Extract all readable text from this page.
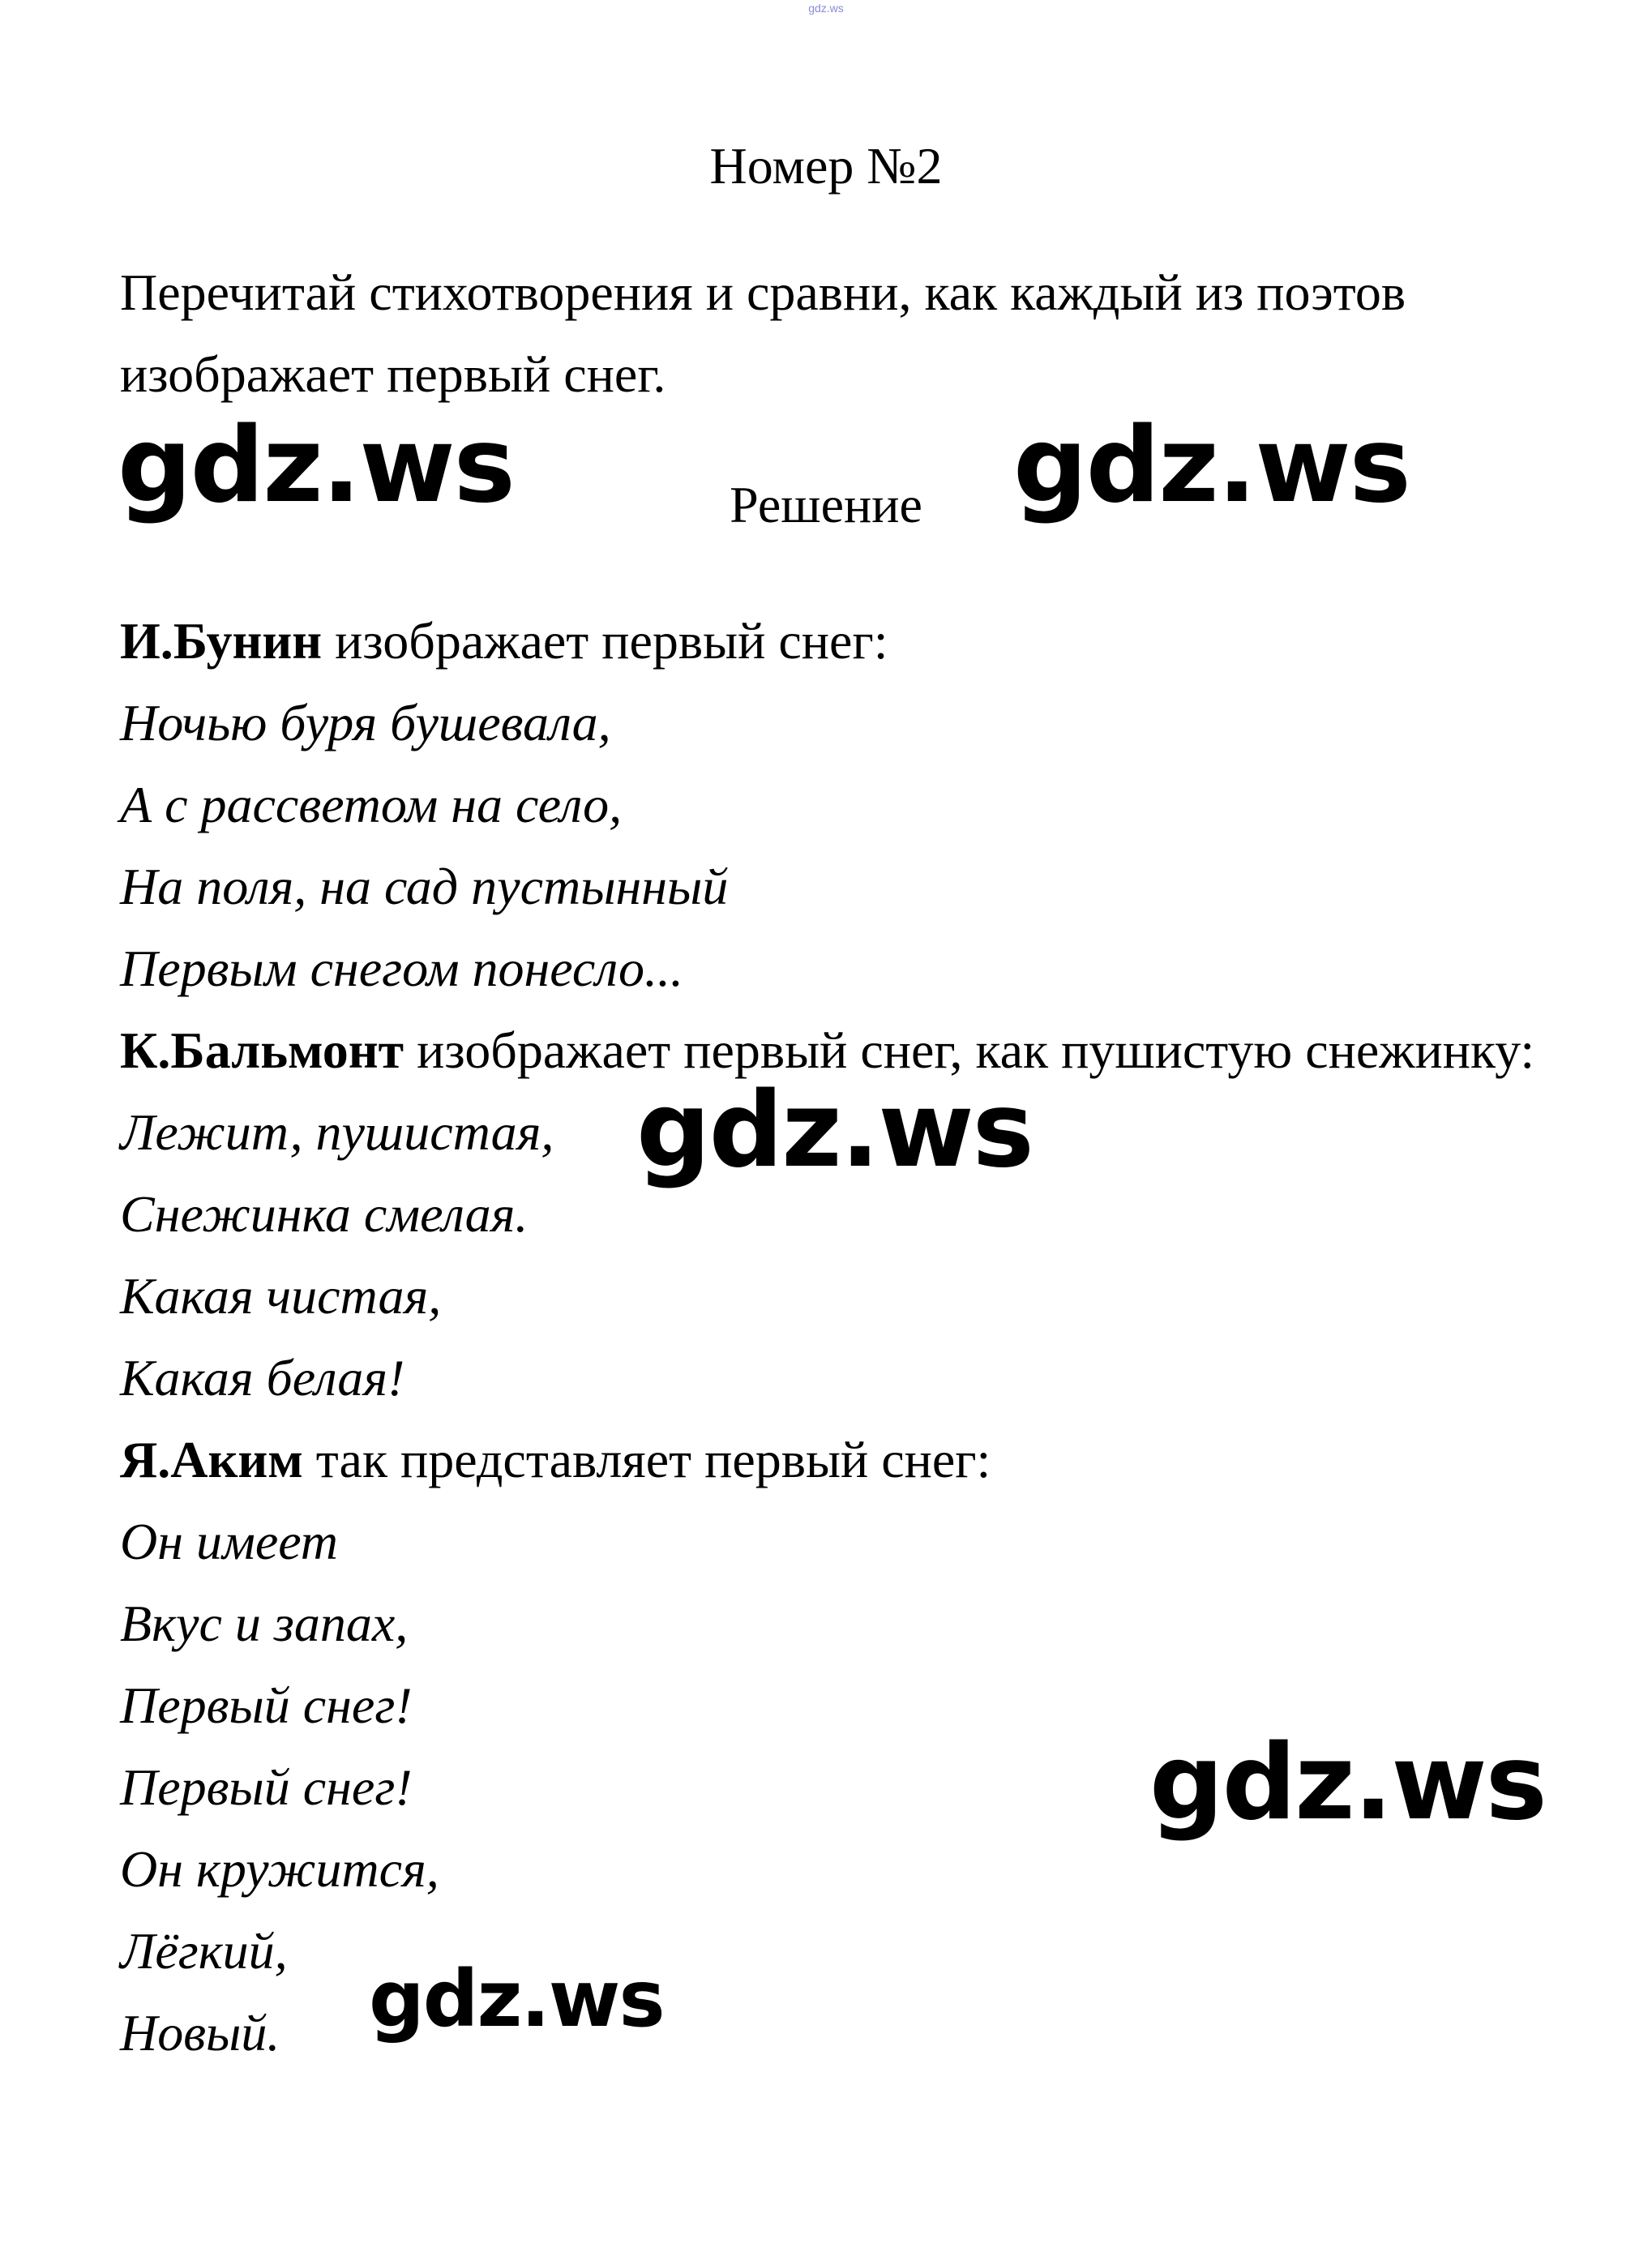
gdz.ws
Номер №2
Перечитай стихотворения и сравни, как каждый из поэтов изображает первый снег.
Решение
И.Бунин изображает первый снег:
Ночью буря бушевала,
А с рассветом на село,
На поля, на сад пустынный
Первым снегом понесло...
К.Бальмонт изображает первый снег, как пушистую снежинку:
Лежит, пушистая,
Снежинка смелая.
Какая чистая,
Какая белая!
Я.Аким так представляет первый снег:
Он имеет
Вкус и запах,
Первый снег!
Первый снег!
Он кружится,
Лёгкий,
Новый.
gdz.ws	gdz.ws
gdz.ws
gdz.ws
gdz.ws
